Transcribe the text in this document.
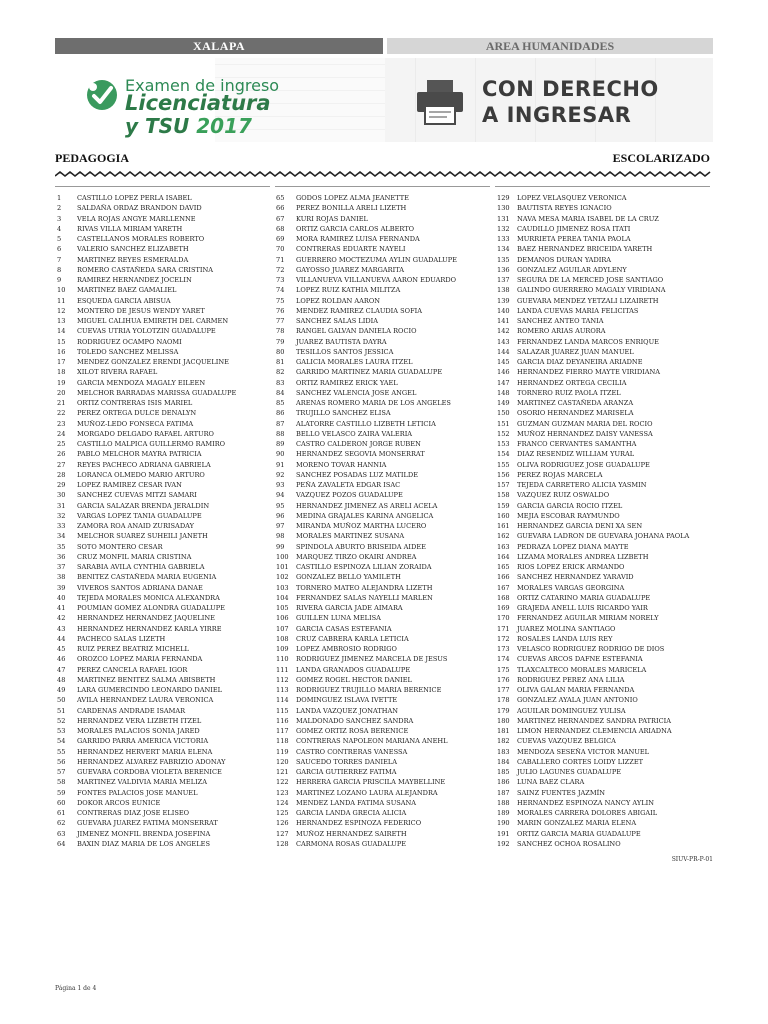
XALAPA	AREA HUMANIDADES
Examen de ingreso
Licenciatura
y TSU 2017
CON DERECHO
A INGRESAR
PEDAGOGIA	ESCOLARIZADO
1	CASTILLO LOPEZ PERLA ISABEL
2	SALDAÑA ORDAZ BRANDON DAVID
3	VELA ROJAS ANGYE MARLLENNE
4	RIVAS VILLA MIRIAM YARETH
5	CASTELLANOS MORALES ROBERTO
6	VALERIO SANCHEZ ELIZABETH
7	MARTINEZ REYES ESMERALDA
8	ROMERO CASTAÑEDA SARA CRISTINA
9	RAMIREZ HERNANDEZ JOCELIN
10	MARTINEZ BAEZ GAMALIEL
11	ESQUEDA GARCIA ABISUA
12	MONTERO DE JESUS WENDY YARET
13	MIGUEL CALIHUA EMIRETH DEL CARMEN
14	CUEVAS UTRIA YOLOTZIN GUADALUPE
15	RODRIGUEZ OCAMPO NAOMI
16	TOLEDO SANCHEZ MELISSA
17	MENDEZ GONZALEZ ERENDI JACQUELINE
18	XILOT RIVERA RAFAEL
19	GARCIA MENDOZA MAGALY EILEEN
20	MELCHOR BARRADAS MARISSA GUADALUPE
21	ORTIZ CONTRERAS ISIS MARIEL
22	PEREZ ORTEGA DULCE DENALYN
23	MUÑOZ-LEDO FONSECA FATIMA
24	MORGADO DELGADO RAFAEL ARTURO
25	CASTILLO MALPICA GUILLERMO RAMIRO
26	PABLO MELCHOR MAYRA PATRICIA
27	REYES PACHECO ADRIANA GABRIELA
28	LORANCA OLMEDO MARIO ARTURO
29	LOPEZ RAMIREZ CESAR IVAN
30	SANCHEZ CUEVAS MITZI SAMARI
31	GARCIA SALAZAR BRENDA JERALDIN
32	VARGAS LOPEZ TANIA GUADALUPE
33	ZAMORA ROA ANAID ZURISADAY
34	MELCHOR SUAREZ SUHEILI JANETH
35	SOTO MONTERO CESAR
36	CRUZ MONFIL MARIA CRISTINA
37	SARABIA AVILA CYNTHIA GABRIELA
38	BENITEZ CASTAÑEDA MARIA EUGENIA
39	VIVEROS SANTOS ADRIANA DANAE
40	TEJEDA MORALES MONICA ALEXANDRA
41	POUMIAN GOMEZ ALONDRA GUADALUPE
42	HERNANDEZ HERNANDEZ JAQUELINE
43	HERNANDEZ HERNANDEZ KARLA YIRRE
44	PACHECO SALAS LIZETH
45	RUIZ PEREZ BEATRIZ MICHELL
46	OROZCO LOPEZ MARIA FERNANDA
47	PEREZ CANCELA RAFAEL IGOR
48	MARTINEZ BENITEZ SALMA ABISBETH
49	LARA GUMERCINDO LEONARDO DANIEL
50	AVILA HERNANDEZ LAURA VERONICA
51	CARDENAS ANDRADE ISAMAR
52	HERNANDEZ VERA LIZBETH ITZEL
53	MORALES PALACIOS SONIA JARED
54	GARRIDO PARRA AMERICA VICTORIA
55	HERNANDEZ HERVERT MARIA ELENA
56	HERNANDEZ ALVAREZ FABRIZIO ADONAY
57	GUEVARA CORDOBA VIOLETA BERENICE
58	MARTINEZ VALDIVIA MARIA MELIZA
59	FONTES PALACIOS JOSE MANUEL
60	DOKOR ARCOS EUNICE
61	CONTRERAS DIAZ JOSE ELISEO
62	GUEVARA JUAREZ FATIMA MONSERRAT
63	JIMENEZ MONFIL BRENDA JOSEFINA
64	BAXIN DIAZ MARIA DE LOS ANGELES
65	GODOS LOPEZ ALMA JEANETTE
66	PEREZ BONILLA ARELI LIZETH
67	KURI ROJAS DANIEL
68	ORTIZ GARCIA CARLOS ALBERTO
69	MORA RAMIREZ LUISA FERNANDA
70	CONTRERAS EDUARTE NAYELI
71	GUERRERO MOCTEZUMA AYLIN GUADALUPE
72	GAYOSSO JUAREZ MARGARITA
73	VILLANUEVA VILLANUEVA AARON EDUARDO
74	LOPEZ RUIZ KATHIA MILITZA
75	LOPEZ ROLDAN AARON
76	MENDEZ RAMIREZ CLAUDIA SOFIA
77	SANCHEZ SALAS LIDIA
78	RANGEL GALVAN DANIELA ROCIO
79	JUAREZ BAUTISTA DAYRA
80	TESILLOS SANTOS JESSICA
81	GALICIA MORALES LAURA ITZEL
82	GARRIDO MARTINEZ MARIA GUADALUPE
83	ORTIZ RAMIREZ ERICK YAEL
84	SANCHEZ VALENCIA JOSE ANGEL
85	ARENAS ROMERO MARIA DE LOS ANGELES
86	TRUJILLO SANCHEZ ELISA
87	ALATORRE CASTILLO LIZBETH LETICIA
88	BELLO VELASCO ZAIRA VALERIA
89	CASTRO CALDERON JORGE RUBEN
90	HERNANDEZ SEGOVIA MONSERRAT
91	MORENO TOVAR HANNIA
92	SANCHEZ POSADAS LUZ MATILDE
93	PEÑA ZAVALETA EDGAR ISAC
94	VAZQUEZ POZOS GUADALUPE
95	HERNANDEZ JIMENEZ AS ARELI ACELA
96	MEDINA GRAJALES KARINA ANGELICA
97	MIRANDA MUÑOZ MARTHA LUCERO
98	MORALES MARTINEZ SUSANA
99	SPINDOLA ABURTO BRISEIDA AIDEE
100	MARQUEZ TIRZO OKAIRI ANDREA
101	CASTILLO ESPINOZA LILIAN ZORAIDA
102	GONZALEZ BELLO YAMILETH
103	TORNERO MATEO ALEJANDRA LIZETH
104	FERNANDEZ SALAS NAYELLI MARLEN
105	RIVERA GARCIA JADE AIMARA
106	GUILLEN LUNA MELISA
107	GARCIA CASAS ESTEFANIA
108	CRUZ CABRERA KARLA LETICIA
109	LOPEZ AMBROSIO RODRIGO
110	RODRIGUEZ JIMENEZ MARCELA DE JESUS
111	LANDA GRANADOS GUADALUPE
112	GOMEZ ROGEL HECTOR DANIEL
113	RODRIGUEZ TRUJILLO MARIA BERENICE
114	DOMINGUEZ ISLAVA IVETTE
115	LANDA VAZQUEZ JONATHAN
116	MALDONADO SANCHEZ SANDRA
117	GOMEZ ORTIZ ROSA BERENICE
118	CONTRERAS NAPOLEON MARIANA ANEHL
119	CASTRO CONTRERAS VANESSA
120	SAUCEDO TORRES DANIELA
121	GARCIA GUTIERREZ FATIMA
122	HERRERA GARCIA PRISCILA MAYBELLINE
123	MARTINEZ LOZANO LAURA ALEJANDRA
124	MENDEZ LANDA FATIMA SUSANA
125	GARCIA LANDA GRECIA ALICIA
126	HERNANDEZ ESPINOZA FEDERICO
127	MUÑOZ HERNANDEZ SAIRETH
128	CARMONA ROSAS GUADALUPE
129	LOPEZ VELASQUEZ VERONICA
130	BAUTISTA REYES IGNACIO
131	NAVA MESA MARIA ISABEL DE LA CRUZ
132	CAUDILLO JIMENEZ ROSA ITATI
133	MURRIETA PEREA TANIA PAOLA
134	BAEZ HERNANDEZ BRICEIDA YARETH
135	DEMANOS DURAN YADIRA
136	GONZALEZ AGUILAR ADYLENY
137	SEGURA DE LA MERCED JOSE SANTIAGO
138	GALINDO GUERRERO MAGALY VIRIDIANA
139	GUEVARA MENDEZ YETZALI LIZAIRETH
140	LANDA CUEVAS MARIA FELICITAS
141	SANCHEZ ANTEO TANIA
142	ROMERO ARIAS AURORA
143	FERNANDEZ LANDA MARCOS ENRIQUE
144	SALAZAR JUAREZ JUAN MANUEL
145	GARCIA DIAZ DEYANEIRA ARIADNE
146	HERNANDEZ FIERRO MAYTE VIRIDIANA
147	HERNANDEZ ORTEGA CECILIA
148	TORNERO RUIZ PAOLA ITZEL
149	MARTINEZ CASTAÑEDA ARANZA
150	OSORIO HERNANDEZ MARISELA
151	GUZMAN GUZMAN MARIA DEL ROCIO
152	MUÑOZ HERNANDEZ DAISY VANESSA
153	FRANCO CERVANTES SAMANTHA
154	DIAZ RESENDIZ WILLIAM YURAL
155	OLIVA RODRIGUEZ JOSE GUADALUPE
156	PEREZ ROJAS MARCELA
157	TEJEDA CARRETERO ALICIA YASMIN
158	VAZQUEZ RUIZ OSWALDO
159	GARCIA GARCIA ROCIO ITZEL
160	MEJIA ESCOBAR RAYMUNDO
161	HERNANDEZ GARCIA DENI XA SEN
162	GUEVARA LADRON DE GUEVARA JOHANA PAOLA
163	PEDRAZA LOPEZ DIANA MAYTE
164	LIZAMA MORALES ANDREA LIZBETH
165	RIOS LOPEZ ERICK ARMANDO
166	SANCHEZ HERNANDEZ YARAVID
167	MORALES VARGAS GEORGINA
168	ORTIZ CATARINO MARIA GUADALUPE
169	GRAJEDA ANELL LUIS RICARDO YAIR
170	FERNANDEZ AGUILAR MIRIAM NORELY
171	JUAREZ MOLINA SANTIAGO
172	ROSALES LANDA LUIS REY
173	VELASCO RODRIGUEZ RODRIGO DE DIOS
174	CUEVAS ARCOS DAFNE ESTEFANIA
175	TLAXCALTECO MORALES MARICELA
176	RODRIGUEZ PEREZ ANA LILIA
177	OLIVA GALAN MARIA FERNANDA
178	GONZALEZ AYALA JUAN ANTONIO
179	AGUILAR DOMINGUEZ YULISA
180	MARTINEZ HERNANDEZ SANDRA PATRICIA
181	LIMON HERNANDEZ CLEMENCIA ARIADNA
182	CUEVAS VAZQUEZ BELGICA
183	MENDOZA SESEÑA VICTOR MANUEL
184	CABALLERO CORTES LOIDY LIZZET
185	JULIO LAGUNES GUADALUPE
186	LUNA BAEZ CLARA
187	SAINZ FUENTES JAZMÍN
188	HERNANDEZ ESPINOZA NANCY AYLIN
189	MORALES CARRERA DOLORES ABIGAIL
190	MARIN GONZALEZ MARIA ELENA
191	ORTIZ GARCIA MARIA GUADALUPE
192	SANCHEZ OCHOA ROSALINO
SIUV-PR-P-01
Página 1 de 4
